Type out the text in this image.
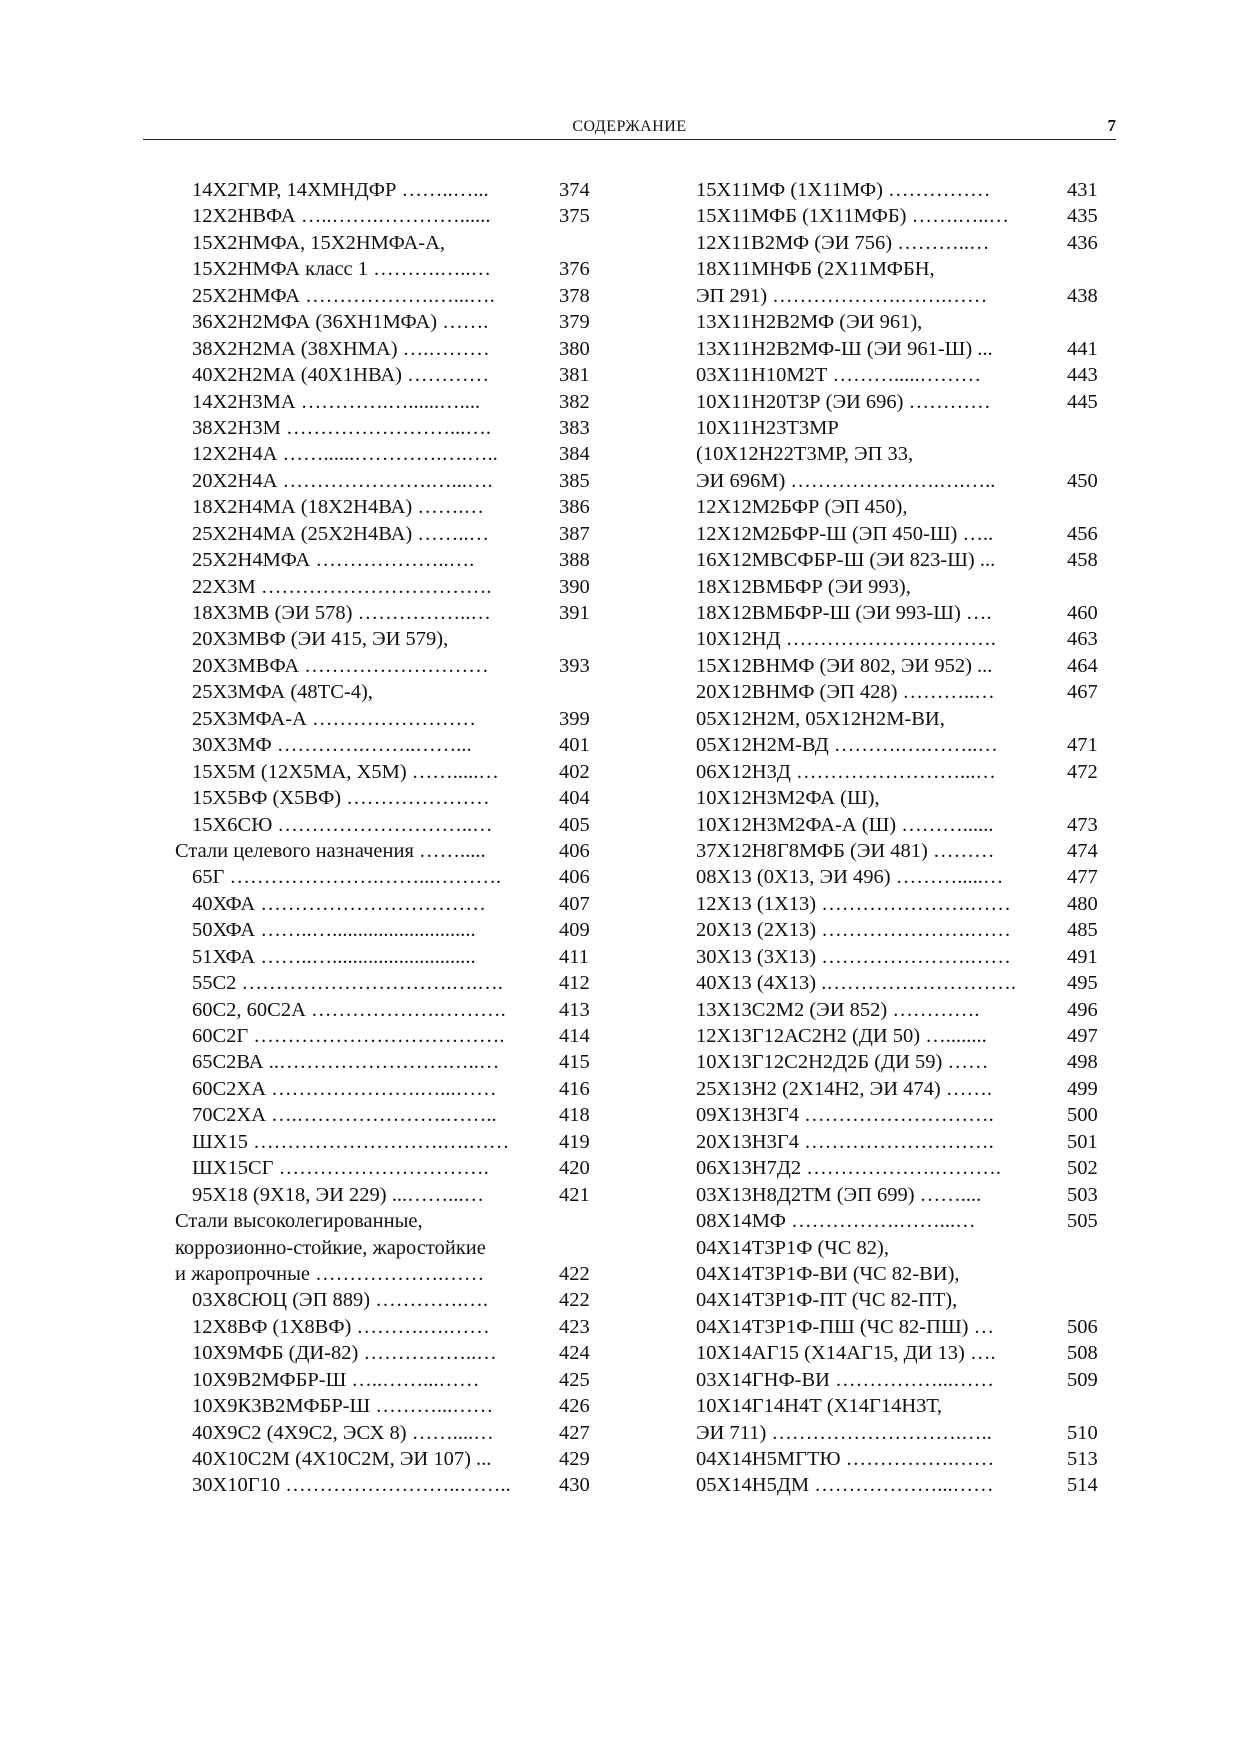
СОДЕРЖАНИЕ	7
14Х2ГМР, 14ХМНДФР ……..…...	374
12Х2НВФА …..…….…………......	375
15Х2НМФА, 15Х2НМФА-А,
15Х2НМФА класс 1 ……….…..…	376
25Х2НМФА ……………….…...….	378
36Х2Н2МФА (36ХН1МФА) …….	379
38Х2Н2МА (38ХНМА) ….………	380
40Х2Н2МА (40Х1НВА) …………	381
14Х2Н3МА ………….…......…....	382
38Х2Н3М ……………………...….	383
12Х2Н4А ……......………….….…..	384
20Х2Н4А ………………….…...….	385
18Х2Н4МА (18Х2Н4ВА) …….…	386
25Х2Н4МА (25Х2Н4ВА) ……..…	387
25Х2Н4МФА ………………..….	388
22Х3М …………………………….	390
18Х3МВ (ЭИ 578) ……………..…	391
20Х3МВФ (ЭИ 415, ЭИ 579),
20Х3МВФА ………………………	393
25Х3МФА (48ТС-4),
25Х3МФА-А ……………………	399
30Х3МФ ………….……..……...	401
15Х5М (12Х5МА, Х5М) …….....…	402
15Х5ВФ (Х5ВФ) …………………	404
15Х6СЮ ………………………..…	405
Стали целевого назначения …….....	406
65Г ………………….……...……….	406
40ХФА ……………………………	407
50ХФА ……..…............................	409
51ХФА ……..…............................	411
55С2 ………………………….….….	412
60С2, 60С2А ……………….……….	413
60С2Г ……………………………….	414
65С2ВА ..…………………….…..…	415
60С2ХА ………………….…...……	416
70С2ХА ….………………….……..	418
ШХ15 ……………………….….…… 419
ШХ15СГ ………………………….	420
95Х18 (9Х18, ЭИ 229) ...……...…	421
Стали высоколегированные,
коррозионно-стойкие, жаростойкие
и жаропрочные ……………….……	422
03Х8СЮЦ (ЭП 889) ………….….	422
12Х8ВФ (1Х8ВФ) ……….….……	423
10Х9МФБ (ДИ-82) ……………..…	424
10Х9В2МФБР-Ш …..……...……	425
10Х9К3В2МФБР-Ш ………...……	426
40Х9С2 (4Х9С2, ЭСХ 8) ……....…	427
40Х10С2М (4Х10С2М, ЭИ 107) ...	429
30Х10Г10 ……………………..…….. 430
15Х11МФ (1Х11МФ) ……………	431
15Х11МФБ (1Х11МФБ) …….…..…	435
12Х11В2МФ (ЭИ 756) ………..…	436
18Х11МНФБ (2Х11МФБН,
ЭП 291) ……………….…….……	438
13Х11Н2В2МФ (ЭИ 961),
13Х11Н2В2МФ-Ш (ЭИ 961-Ш) ...	441
03Х11Н10М2Т ……….....………	443
10Х11Н20Т3Р (ЭИ 696) …………	445
10Х11Н23Т3МР
(10Х12Н22Т3МР, ЭП 33,
ЭИ 696М) ………………….….…..	450
12Х12М2БФР (ЭП 450),
12Х12М2БФР-Ш (ЭП 450-Ш) …..	456
16Х12МВСФБР-Ш (ЭИ 823-Ш) ...	458
18Х12ВМБФР (ЭИ 993),
18Х12ВМБФР-Ш (ЭИ 993-Ш) ….	460
10Х12НД ………………………….	463
15Х12ВНМФ (ЭИ 802, ЭИ 952) ...	464
20Х12ВНМФ (ЭП 428) ………..…	467
05Х12Н2М, 05Х12Н2М-ВИ,
05Х12Н2М-ВД ……….….……..…	471
06Х12Н3Д ……………………...…	472
10Х12Н3М2ФА (Ш),
10Х12Н3М2ФА-А (Ш) ………......	473
37Х12Н8Г8МФБ (ЭИ 481) ………	474
08Х13 (0Х13, ЭИ 496) ……….....…	477
12Х13 (1Х13) ………………….……	480
20Х13 (2Х13) ………………….……	485
30Х13 (3Х13) ………………….……	491
40Х13 (4Х13) .………………………. 495
13Х13С2М2 (ЭИ 852) ………….	496
12Х13Г12АС2Н2 (ДИ 50) …........	497
10Х13Г12С2Н2Д2Б (ДИ 59) ……	498
25Х13Н2 (2Х14Н2, ЭИ 474) …….	499
09Х13Н3Г4 ……………………….	500
20Х13Н3Г4 ……………………….	501
06Х13Н7Д2 ……………….……….	502
03Х13Н8Д2ТМ (ЭП 699) ……....	503
08Х14МФ …………….……...…	505
04Х14Т3Р1Ф (ЧС 82),
04Х14Т3Р1Ф-ВИ (ЧС 82-ВИ),
04Х14Т3Р1Ф-ПТ (ЧС 82-ПТ),
04Х14Т3Р1Ф-ПШ (ЧС 82-ПШ) …	506
10Х14АГ15 (Х14АГ15, ДИ 13) ….	508
03Х14ГНФ-ВИ ……………...……	509
10Х14Г14Н4Т (Х14Г14Н3Т,
ЭИ 711) ……………………….…..	510
04Х14Н5МГТЮ …………….……	513
05Х14Н5ДМ ………………...……	514
